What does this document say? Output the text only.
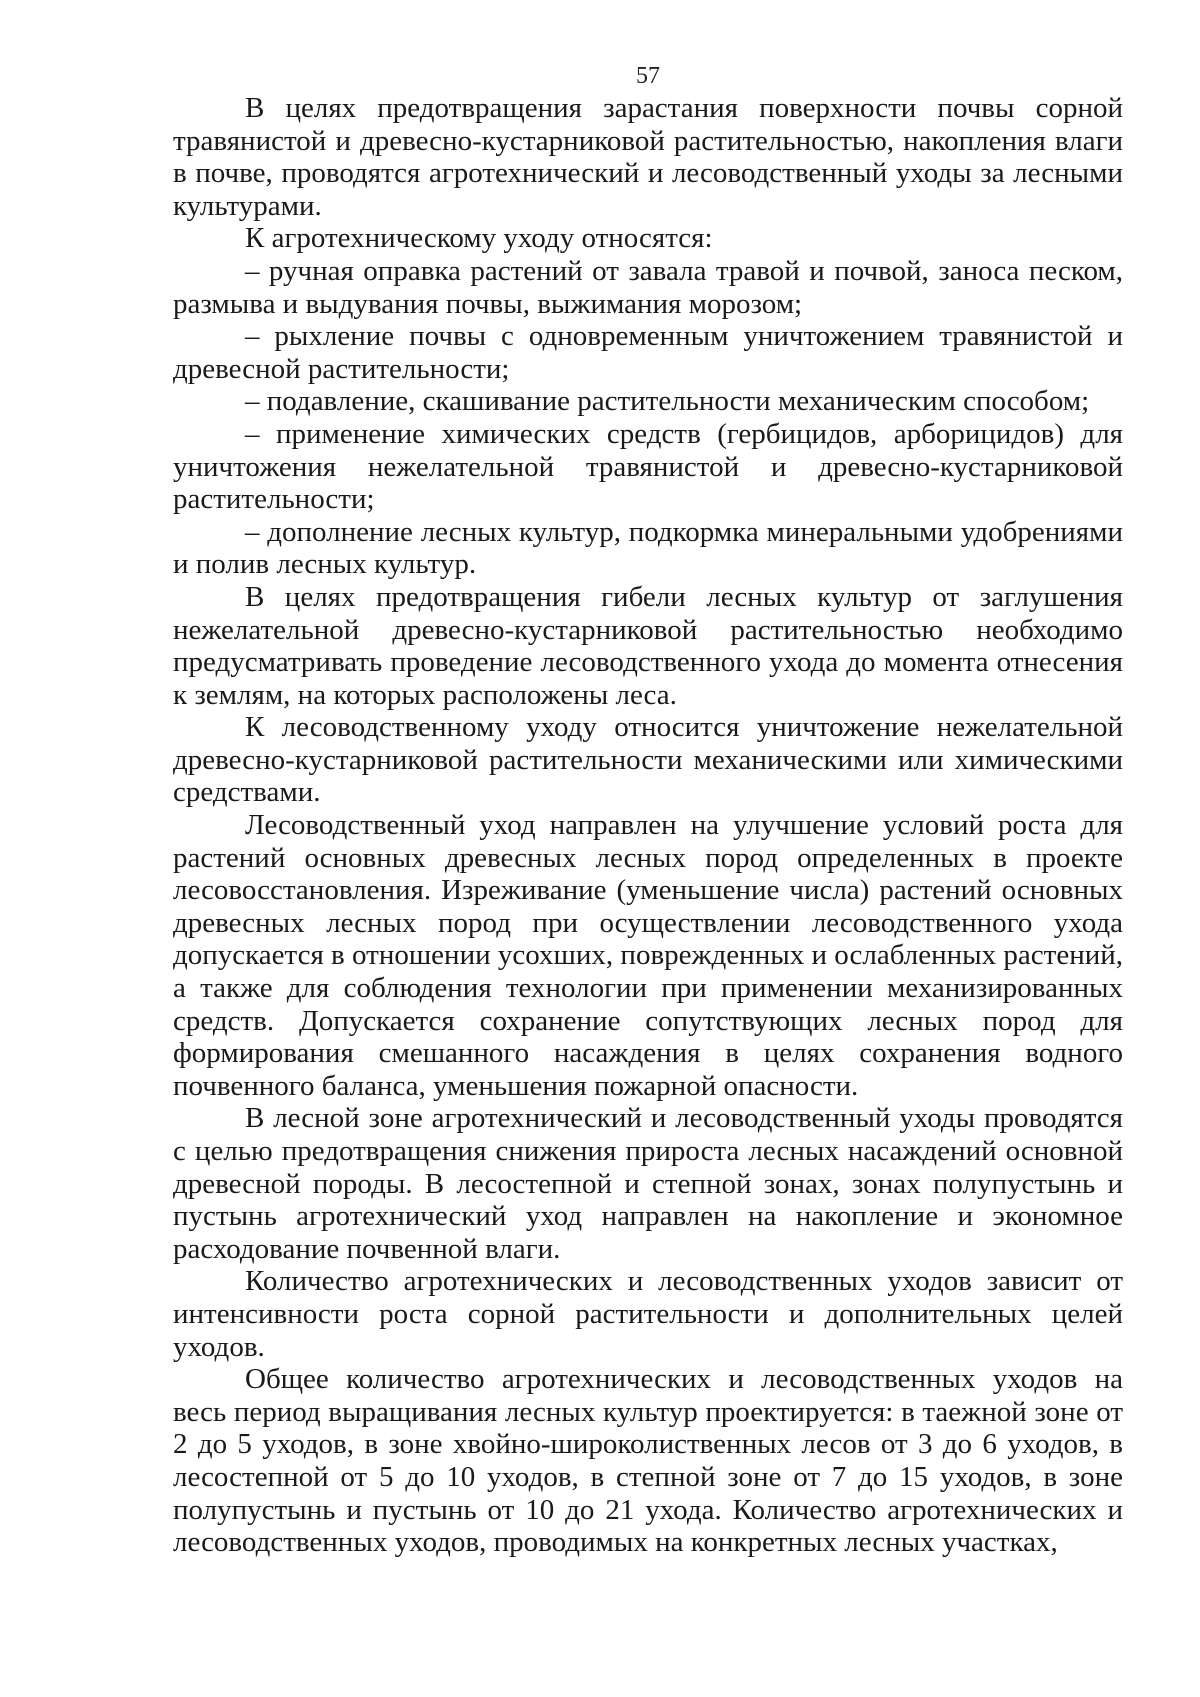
57

В целях предотвращения зарастания поверхности почвы сорной травянистой и древесно-кустарниковой растительностью, накопления влаги в почве, проводятся агротехнический и лесоводственный уходы за лесными культурами.

К агротехническому уходу относятся:

– ручная оправка растений от завала травой и почвой, заноса песком, размыва и выдувания почвы, выжимания морозом;

– рыхление почвы с одновременным уничтожением травянистой и древесной растительности;

– подавление, скашивание растительности механическим способом;

– применение химических средств (гербицидов, арборицидов) для уничтожения нежелательной травянистой и древесно-кустарниковой растительности;

– дополнение лесных культур, подкормка минеральными удобрениями и полив лесных культур.

В целях предотвращения гибели лесных культур от заглушения нежелательной древесно-кустарниковой растительностью необходимо предусматривать проведение лесоводственного ухода до момента отнесения к землям, на которых расположены леса.

К лесоводственному уходу относится уничтожение нежелательной древесно-кустарниковой растительности механическими или химическими средствами.

Лесоводственный уход направлен на улучшение условий роста для растений основных древесных лесных пород определенных в проекте лесовосстановления. Изреживание (уменьшение числа) растений основных древесных лесных пород при осуществлении лесоводственного ухода допускается в отношении усохших, поврежденных и ослабленных растений, а также для соблюдения технологии при применении механизированных средств. Допускается сохранение сопутствующих лесных пород для формирования смешанного насаждения в целях сохранения водного почвенного баланса, уменьшения пожарной опасности.

В лесной зоне агротехнический и лесоводственный уходы проводятся с целью предотвращения снижения прироста лесных насаждений основной древесной породы. В лесостепной и степной зонах, зонах полупустынь и пустынь агротехнический уход направлен на накопление и экономное расходование почвенной влаги.

Количество агротехнических и лесоводственных уходов зависит от интенсивности роста сорной растительности и дополнительных целей уходов.

Общее количество агротехнических и лесоводственных уходов на весь период выращивания лесных культур проектируется: в таежной зоне от 2 до 5 уходов, в зоне хвойно-широколиственных лесов от 3 до 6 уходов, в лесостепной от 5 до 10 уходов, в степной зоне от 7 до 15 уходов, в зоне полупустынь и пустынь от 10 до 21 ухода. Количество агротехнических и лесоводственных уходов, проводимых на конкретных лесных участках,
